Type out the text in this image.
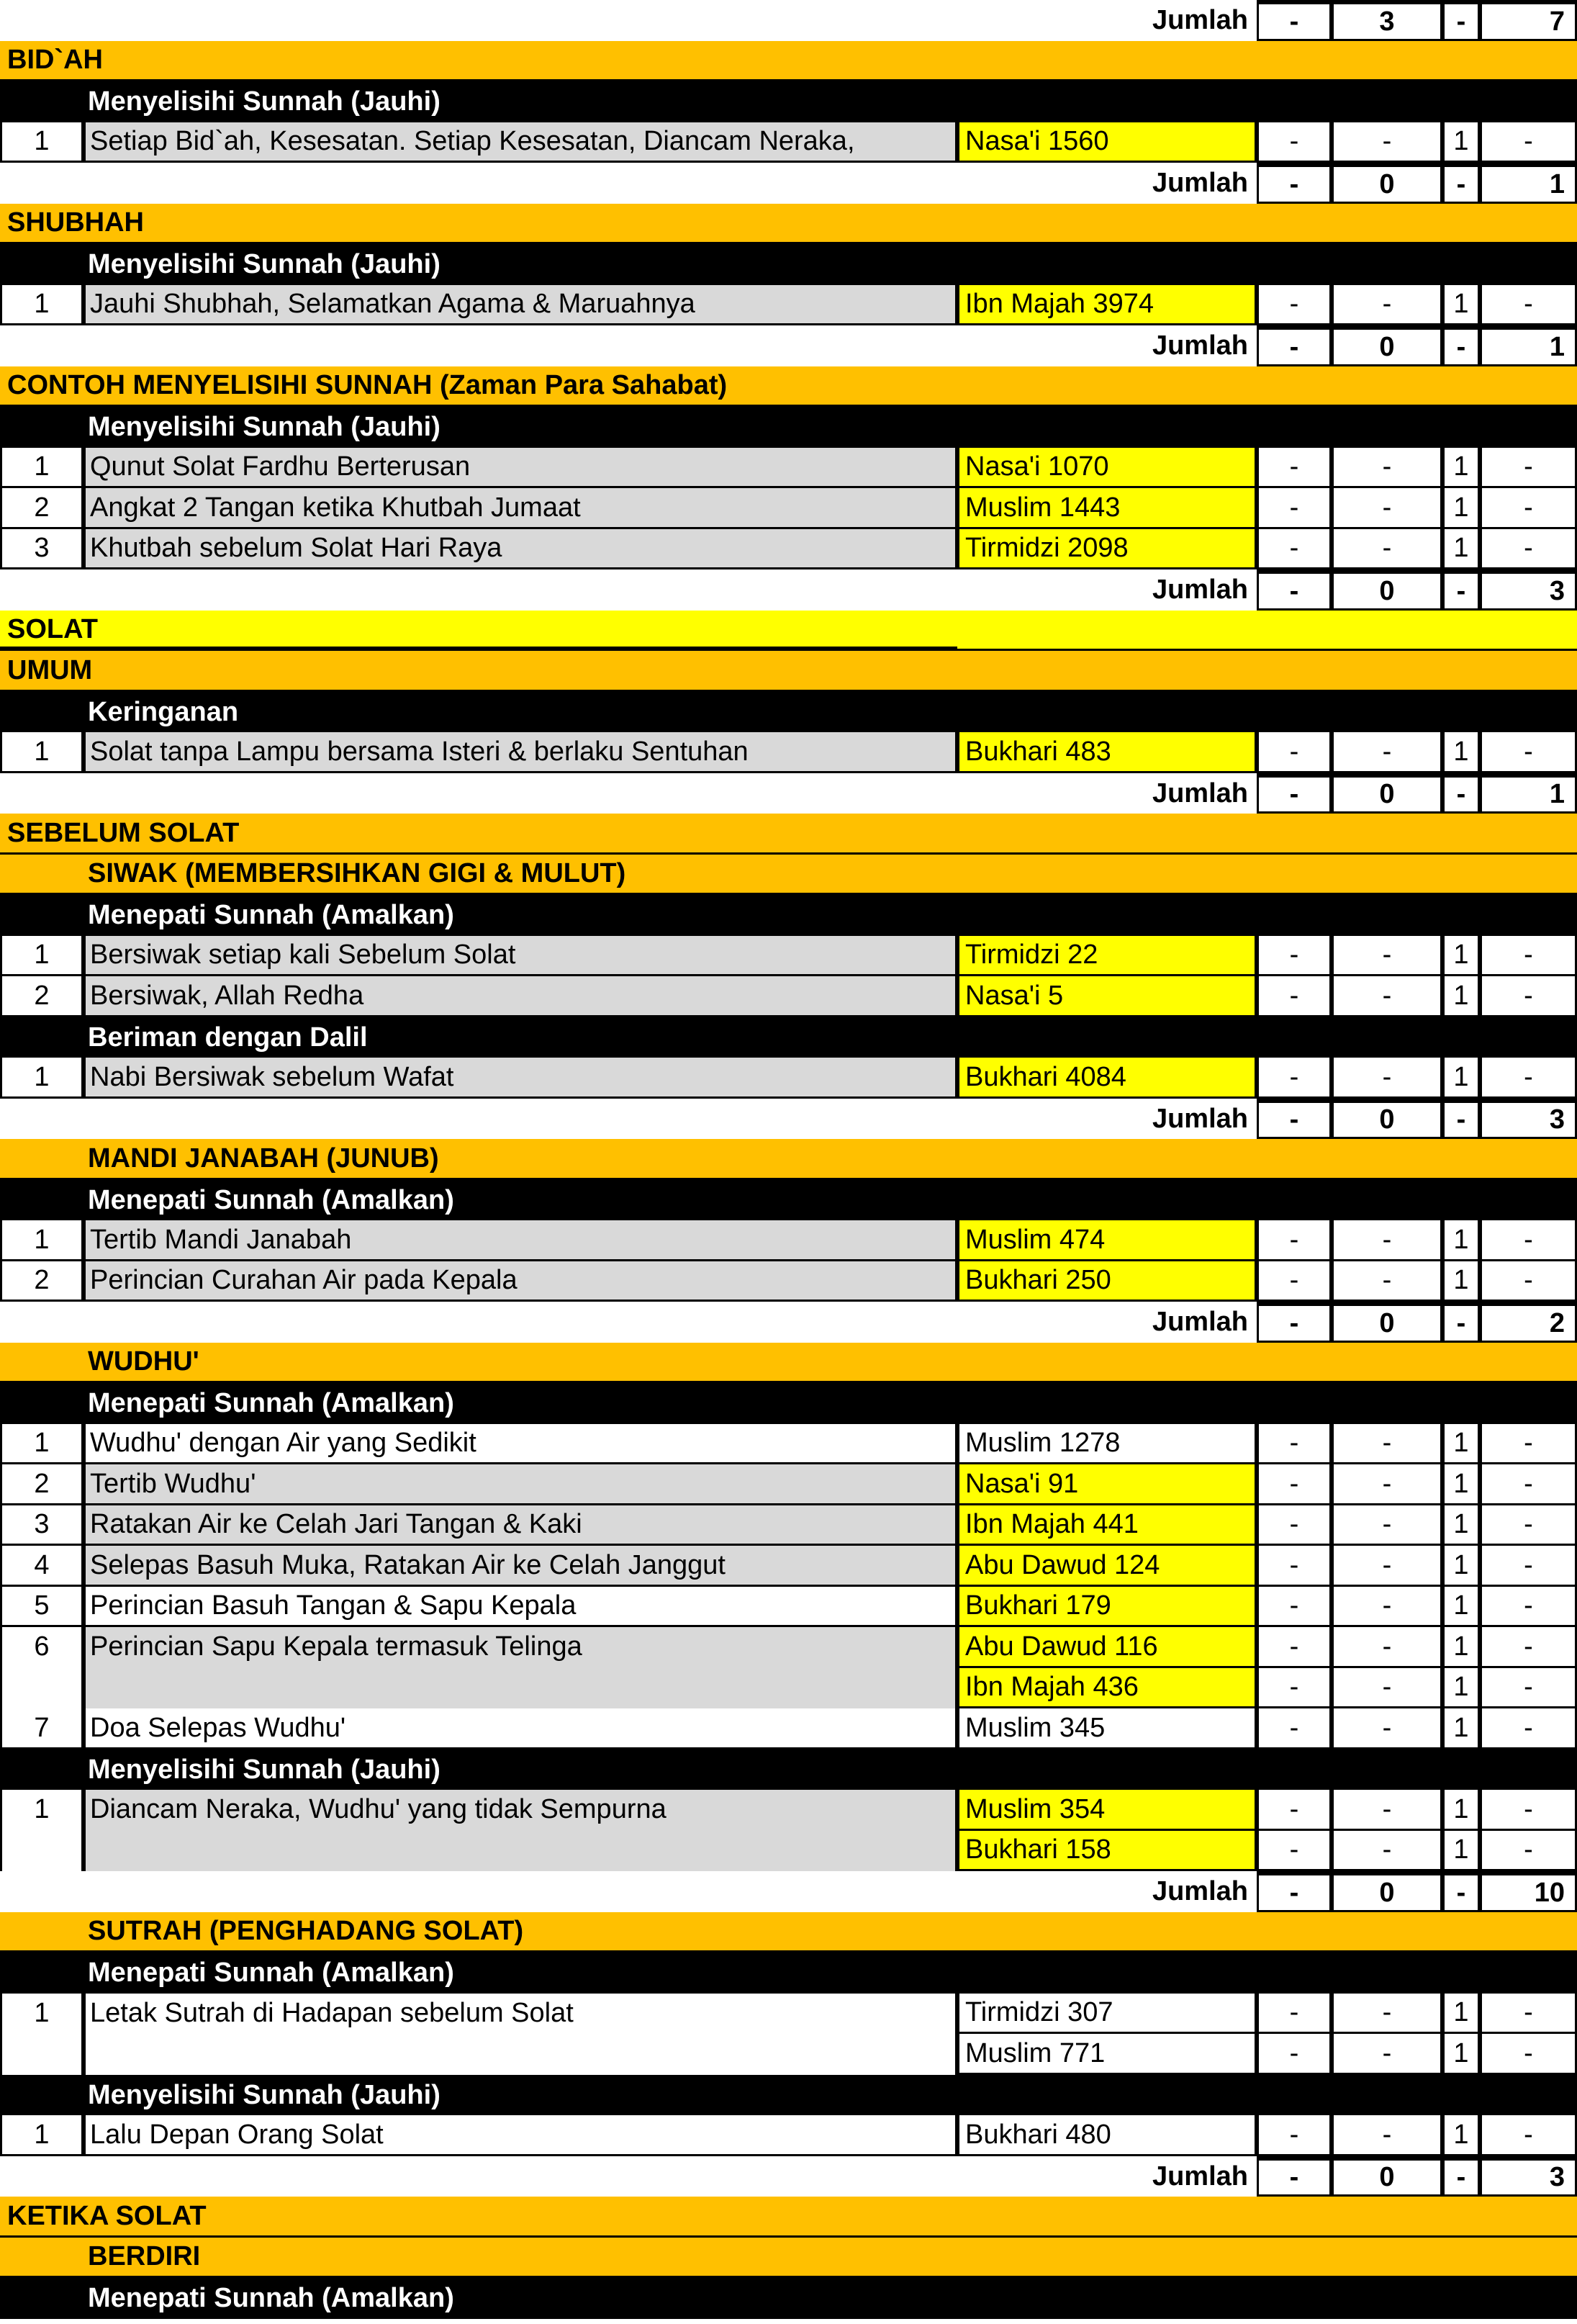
Jumlah	-	3	-	7
BID`AH
Menyelisihi Sunnah (Jauhi)
1	Setiap Bid`ah, Kesesatan. Setiap Kesesatan, Diancam Neraka,	Nasa'i 1560	-	-	1	-
Jumlah	-	0	-	1
SHUBHAH
Menyelisihi Sunnah (Jauhi)
1	Jauhi Shubhah, Selamatkan Agama & Maruahnya	Ibn Majah 3974	-	-	1	-
Jumlah	-	0	-	1
CONTOH MENYELISIHI SUNNAH (Zaman Para Sahabat)
Menyelisihi Sunnah (Jauhi)
1	Qunut Solat Fardhu Berterusan	Nasa'i 1070	-	-	1	-
2	Angkat 2 Tangan ketika Khutbah Jumaat	Muslim 1443	-	-	1	-
3	Khutbah sebelum Solat Hari Raya	Tirmidzi 2098	-	-	1	-
Jumlah	-	0	-	3
SOLAT
UMUM
Keringanan
1	Solat tanpa Lampu bersama Isteri & berlaku Sentuhan	Bukhari 483	-	-	1	-
Jumlah	-	0	-	1
SEBELUM SOLAT
SIWAK (MEMBERSIHKAN GIGI & MULUT)
Menepati Sunnah (Amalkan)
1	Bersiwak setiap kali Sebelum Solat	Tirmidzi 22	-	-	1	-
2	Bersiwak, Allah Redha	Nasa'i 5	-	-	1	-
Beriman dengan Dalil
1	Nabi Bersiwak sebelum Wafat	Bukhari 4084	-	-	1	-
Jumlah	-	0	-	3
MANDI JANABAH (JUNUB)
Menepati Sunnah (Amalkan)
1	Tertib Mandi Janabah	Muslim 474	-	-	1	-
2	Perincian Curahan Air pada Kepala	Bukhari 250	-	-	1	-
Jumlah	-	0	-	2
WUDHU'
Menepati Sunnah (Amalkan)
1	Wudhu' dengan Air yang Sedikit	Muslim 1278	-	-	1	-
2	Tertib Wudhu'	Nasa'i 91	-	-	1	-
3	Ratakan Air ke Celah Jari Tangan & Kaki	Ibn Majah 441	-	-	1	-
4	Selepas Basuh Muka, Ratakan Air ke Celah Janggut	Abu Dawud 124	-	-	1	-
5	Perincian Basuh Tangan & Sapu Kepala	Bukhari 179	-	-	1	-
6	Perincian Sapu Kepala termasuk Telinga	Abu Dawud 116	-	-	1	-
Ibn Majah 436	-	-	1	-
7	Doa Selepas Wudhu'	Muslim 345	-	-	1	-
Menyelisihi Sunnah (Jauhi)
1	Diancam Neraka, Wudhu' yang tidak Sempurna	Muslim 354	-	-	1	-
Bukhari 158	-	-	1	-
Jumlah	-	0	-	10
SUTRAH (PENGHADANG SOLAT)
Menepati Sunnah (Amalkan)
1	Letak Sutrah di Hadapan sebelum Solat	Tirmidzi 307	-	-	1	-
Muslim 771	-	-	1	-
Menyelisihi Sunnah (Jauhi)
1	Lalu Depan Orang Solat	Bukhari 480	-	-	1	-
Jumlah	-	0	-	3
KETIKA SOLAT
BERDIRI
Menepati Sunnah (Amalkan)
